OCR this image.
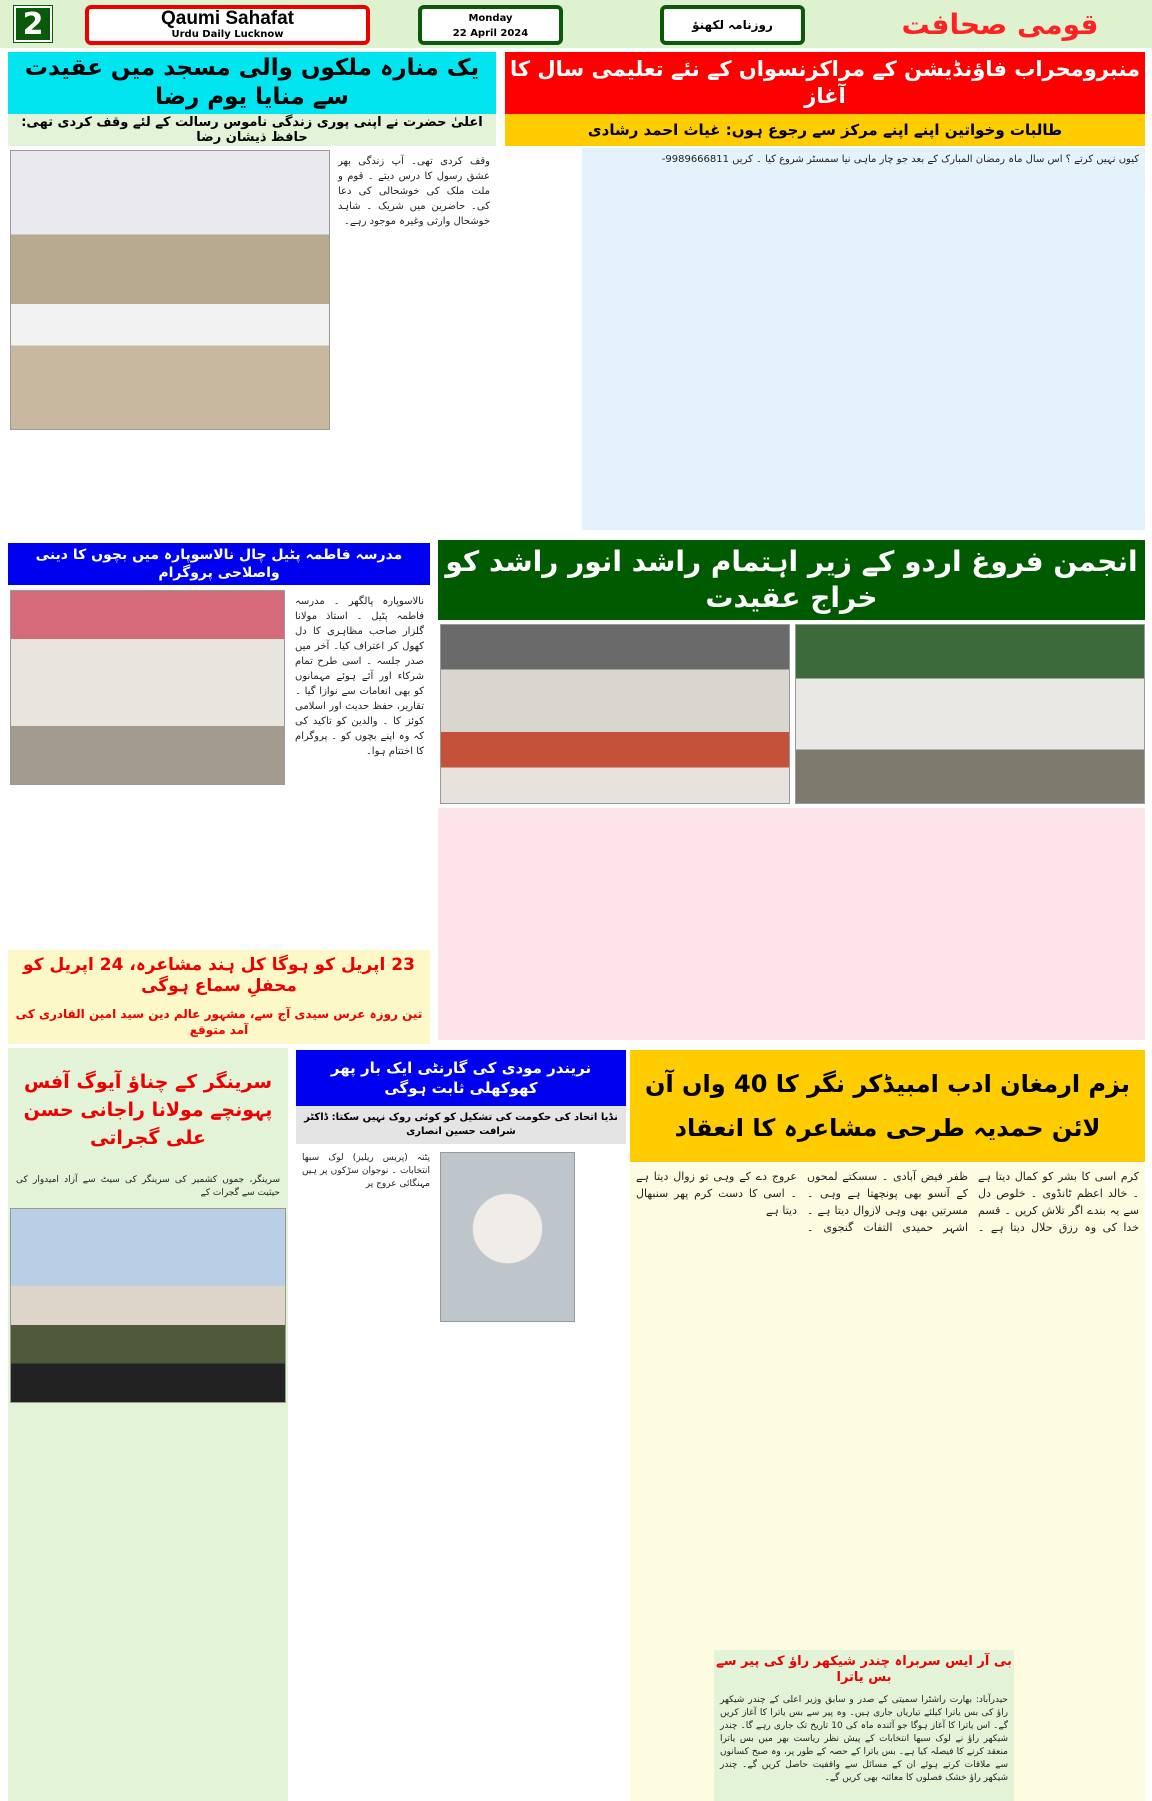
2	Qaumi Sahafat
Urdu Daily Lucknow
Monday
22 April 2024
روزنامہ لکھنؤ	قومی صحافت
یک منارہ ملکوں والی مسجد میں عقیدت سے منایا یوم رضا
اعلیٰ حضرت نے اپنی پوری زندگی ناموس رسالت کے لئے وقف کردی تھی: حافظ ذیشان رضا
وقف کردی تھی۔ آپ زندگی بھر عشق رسول کا درس دیتے ۔ قوم و ملت ملک کی خوشحالی کی دعا کی۔ حاضرین میں شریک ۔ شاہد خوشحال وارثی وغیرہ موجود رہے۔
منبرومحراب فاؤنڈیشن کے مراکزنسواں کے نئے تعلیمی سال کا آغاز
طالبات وخواتین اپنے اپنے مرکز سے رجوع ہوں: غیاث احمد رشادی
کیوں نہیں کرتے ؟ اس سال ماہ رمضان المبارک کے بعد جو چار ماہی نیا سمسٹر شروع کیا ۔ کریں 9989666811-
مدرسہ فاطمہ پٹیل چال نالاسوپارہ میں بچوں کا دینی واصلاحی پروگرام
نالاسوپارہ پالگھر ۔ مدرسہ فاطمہ پٹیل ۔ استاذ مولانا گلزار صاحب مظاہری کا دل کھول کر اعتراف کیا۔ آخر میں صدر جلسہ ۔ اسی طرح تمام شرکاء اور آئے ہوئے مہمانوں کو بھی انعامات سے نوازا گیا ۔ تقاریر، حفظ حدیث اور اسلامی کوئز کا ۔ والدین کو تاکید کی کہ وہ اپنے بچوں کو ۔ پروگرام کا اختتام ہوا۔
23 اپریل کو ہوگا کل ہند مشاعرہ، 24 اپریل کو محفلِ سماع ہوگی
تین روزہ عرس سیدی آج سے، مشہور عالم دین سید امین القادری کی آمد متوقع
انجمن فروغ اردو کے زیر اہتمام راشد انور راشد کو خراج عقیدت
سرینگر کے چناؤ آیوگ آفس پہونچے مولانا راجانی حسن علی گجراتی
سرینگر، جموں کشمیر کی سرینگر کی سیٹ سے آزاد امیدوار کی حیثیت سے گجرات کے
نریندر مودی کی گارنٹی ایک بار پھر کھوکھلی ثابت ہوگی
نڈیا اتحاد کی حکومت کی تشکیل کو کوئی روک نہیں سکتا: ڈاکٹر شرافت حسین انصاری
پٹنہ (پریس ریلیز) لوک سبھا انتخابات ۔ نوجوان سڑکوں پر ہیں مہنگائی عروج پر
بزم ارمغان ادب امبیڈکر نگر کا 40 واں آن لائن حمدیہ طرحی مشاعرہ کا انعقاد
کرم اسی کا بشر کو کمال دیتا ہے ۔ خالد اعظم ٹانڈوی ۔ خلوص دل سے یہ بندے اگر تلاش کریں ۔ قسم خدا کی وہ رزق حلال دیتا ہے ۔ ظفر فیض آبادی ۔ سسکتے لمحوں کے آنسو بھی پونچھتا ہے وہی ۔ مسرتیں بھی وہی لازوال دیتا ہے ۔ اشہر حمیدی التفات گنجوی ۔ عروج دے کے وہی تو زوال دیتا ہے ۔ اسی کا دست کرم پھر سنبھال دیتا ہے
بی آر ایس سربراہ چندر شیکھر راؤ کی پیر سے بس یاترا
حیدرآباد: بھارت راشٹرا سمیتی کے صدر و سابق وزیر اعلی کے چندر شیکھر راؤ کی بس یاترا کیلئے تیاریاں جاری ہیں۔ وہ پیر سے بس یاترا کا آغاز کریں گے۔ اس یاترا کا آغاز ہوگا جو آئندہ ماہ کی 10 تاریخ تک جاری رہے گا۔ چندر شیکھر راؤ نے لوک سبھا انتخابات کے پیش نظر ریاست بھر میں بس یاترا منعقد کرنے کا فیصلہ کیا ہے۔ بس یاترا کے حصہ کے طور پر، وہ صبح کسانوں سے ملاقات کرتے ہوئے ان کے مسائل سے واقفیت حاصل کریں گے۔ چندر شیکھر راؤ خشک فصلوں کا معائنہ بھی کریں گے۔
